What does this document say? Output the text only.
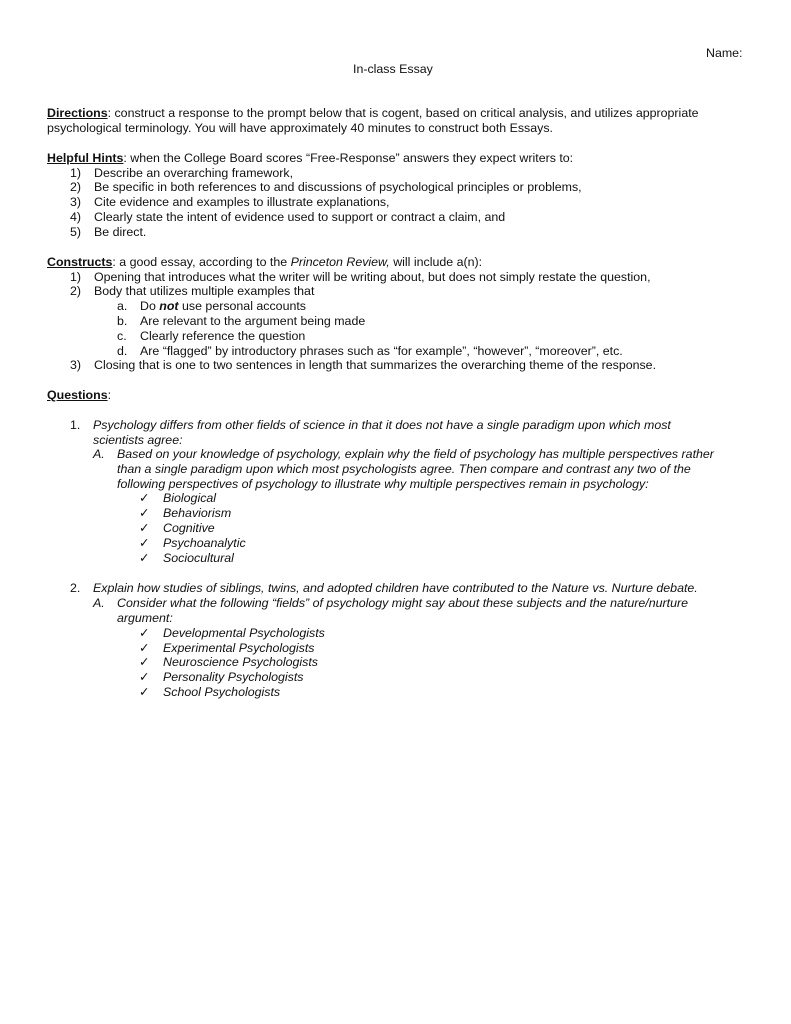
Name:
In-class Essay
Directions: construct a response to the prompt below that is cogent, based on critical analysis, and utilizes appropriate
psychological terminology. You will have approximately 40 minutes to construct both Essays.
Helpful Hints: when the College Board scores “Free-Response” answers they expect writers to:
1) Describe an overarching framework,
2) Be specific in both references to and discussions of psychological principles or problems,
3) Cite evidence and examples to illustrate explanations,
4) Clearly state the intent of evidence used to support or contract a claim, and
5) Be direct.
Constructs: a good essay, according to the Princeton Review, will include a(n):
1) Opening that introduces what the writer will be writing about, but does not simply restate the question,
2) Body that utilizes multiple examples that
a. Do not use personal accounts
b. Are relevant to the argument being made
c. Clearly reference the question
d. Are “flagged” by introductory phrases such as “for example”, “however”, “moreover”, etc.
3) Closing that is one to two sentences in length that summarizes the overarching theme of the response.
Questions:
1. Psychology differs from other fields of science in that it does not have a single paradigm upon which most
scientists agree:
A. Based on your knowledge of psychology, explain why the field of psychology has multiple perspectives rather
than a single paradigm upon which most psychologists agree. Then compare and contrast any two of the
following perspectives of psychology to illustrate why multiple perspectives remain in psychology:
✓ Biological
✓ Behaviorism
✓ Cognitive
✓ Psychoanalytic
✓ Sociocultural
2. Explain how studies of siblings, twins, and adopted children have contributed to the Nature vs. Nurture debate.
A. Consider what the following “fields” of psychology might say about these subjects and the nature/nurture
argument:
✓ Developmental Psychologists
✓ Experimental Psychologists
✓ Neuroscience Psychologists
✓ Personality Psychologists
✓ School Psychologists
